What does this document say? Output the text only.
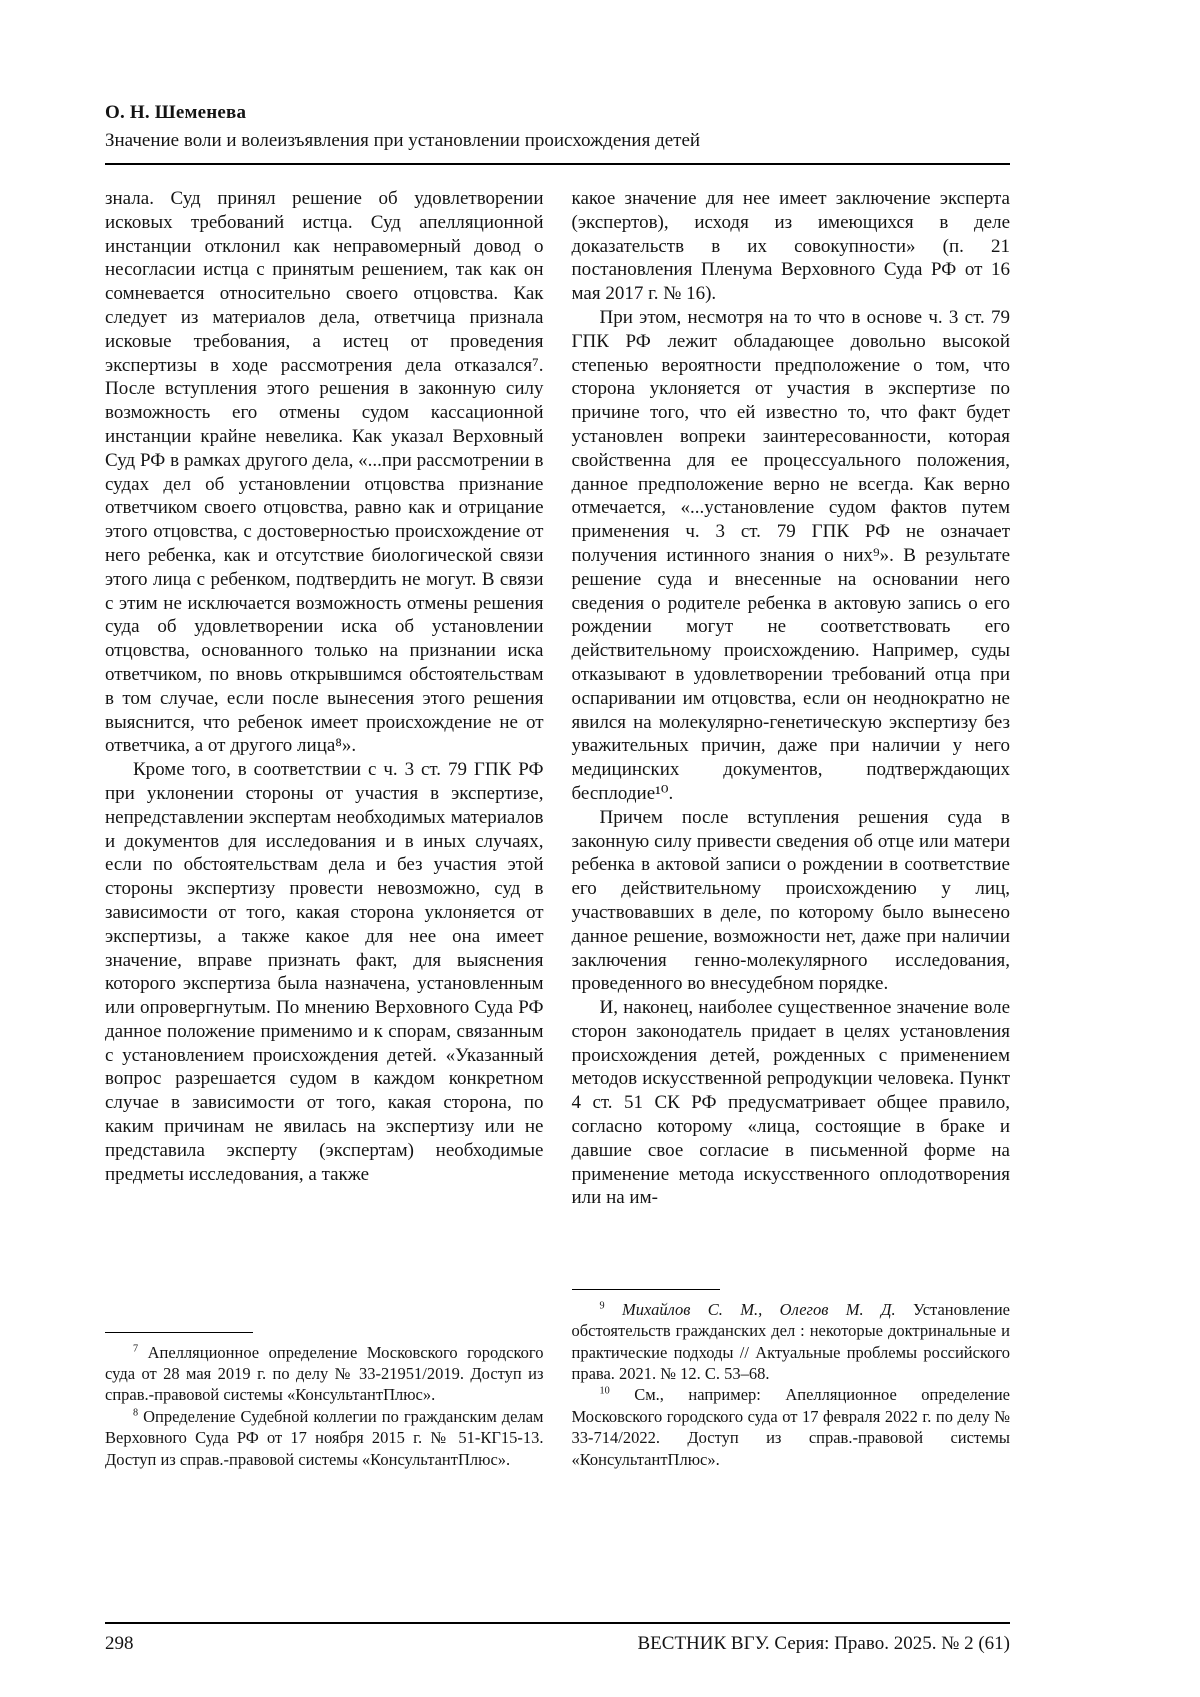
О. Н. Шеменева
Значение воли и волеизъявления при установлении происхождения детей

знала. Суд принял решение об удовлетворении исковых требований истца. Суд апелляционной инстанции отклонил как неправомерный довод о несогласии истца с принятым решением, так как он сомневается относительно своего отцовства. Как следует из материалов дела, ответчица признала исковые требования, а истец от проведения экспертизы в ходе рассмотрения дела отказался⁷. После вступления этого решения в законную силу возможность его отмены судом кассационной инстанции крайне невелика. Как указал Верховный Суд РФ в рамках другого дела, «...при рассмотрении в судах дел об установлении отцовства признание ответчиком своего отцовства, равно как и отрицание этого отцовства, с достоверностью происхождение от него ребенка, как и отсутствие биологической связи этого лица с ребенком, подтвердить не могут. В связи с этим не исключается возможность отмены решения суда об удовлетворении иска об установлении отцовства, основанного только на признании иска ответчиком, по вновь открывшимся обстоятельствам в том случае, если после вынесения этого решения выяснится, что ребенок имеет происхождение не от ответчика, а от другого лица⁸».

Кроме того, в соответствии с ч. 3 ст. 79 ГПК РФ при уклонении стороны от участия в экспертизе, непредставлении экспертам необходимых материалов и документов для исследования и в иных случаях, если по обстоятельствам дела и без участия этой стороны экспертизу провести невозможно, суд в зависимости от того, какая сторона уклоняется от экспертизы, а также какое для нее она имеет значение, вправе признать факт, для выяснения которого экспертиза была назначена, установленным или опровергнутым. По мнению Верховного Суда РФ данное положение применимо и к спорам, связанным с установлением происхождения детей. «Указанный вопрос разрешается судом в каждом конкретном случае в зависимости от того, какая сторона, по каким причинам не явилась на экспертизу или не представила эксперту (экспертам) необходимые предметы исследования, а также

$^7$ Апелляционное определение Московского городского суда от 28 мая 2019 г. по делу № 33-21951/2019. Доступ из справ.-правовой системы «КонсультантПлюс».

$^8$ Определение Судебной коллегии по гражданским делам Верховного Суда РФ от 17 ноября 2015 г. № 51-КГ15-13. Доступ из справ.-правовой системы «КонсультантПлюс».

какое значение для нее имеет заключение эксперта (экспертов), исходя из имеющихся в деле доказательств в их совокупности» (п. 21 постановления Пленума Верховного Суда РФ от 16 мая 2017 г. № 16).

При этом, несмотря на то что в основе ч. 3 ст. 79 ГПК РФ лежит обладающее довольно высокой степенью вероятности предположение о том, что сторона уклоняется от участия в экспертизе по причине того, что ей известно то, что факт будет установлен вопреки заинтересованности, которая свойственна для ее процессуального положения, данное предположение верно не всегда. Как верно отмечается, «...установление судом фактов путем применения ч. 3 ст. 79 ГПК РФ не означает получения истинного знания о них⁹». В результате решение суда и внесенные на основании него сведения о родителе ребенка в актовую запись о его рождении могут не соответствовать его действительному происхождению. Например, суды отказывают в удовлетворении требований отца при оспаривании им отцовства, если он неоднократно не явился на молекулярно-генетическую экспертизу без уважительных причин, даже при наличии у него медицинских документов, подтверждающих бесплодие¹⁰.

Причем после вступления решения суда в законную силу привести сведения об отце или матери ребенка в актовой записи о рождении в соответствие его действительному происхождению у лиц, участвовавших в деле, по которому было вынесено данное решение, возможности нет, даже при наличии заключения генно-молекулярного исследования, проведенного во внесудебном порядке.

И, наконец, наиболее существенное значение воле сторон законодатель придает в целях установления происхождения детей, рожденных с применением методов искусственной репродукции человека. Пункт 4 ст. 51 СК РФ предусматривает общее правило, согласно которому «лица, состоящие в браке и давшие свое согласие в письменной форме на применение метода искусственного оплодотворения или на им-

$^9$ Михайлов С. М., Олегов М. Д. Установление обстоятельств гражданских дел : некоторые доктринальные и практические подходы // Актуальные проблемы российского права. 2021. № 12. С. 53–68.

$^{10}$ См., например: Апелляционное определение Московского городского суда от 17 февраля 2022 г. по делу № 33-714/2022. Доступ из справ.-правовой системы «КонсультантПлюс».

298	ВЕСТНИК ВГУ. Серия: Право. 2025. № 2 (61)
